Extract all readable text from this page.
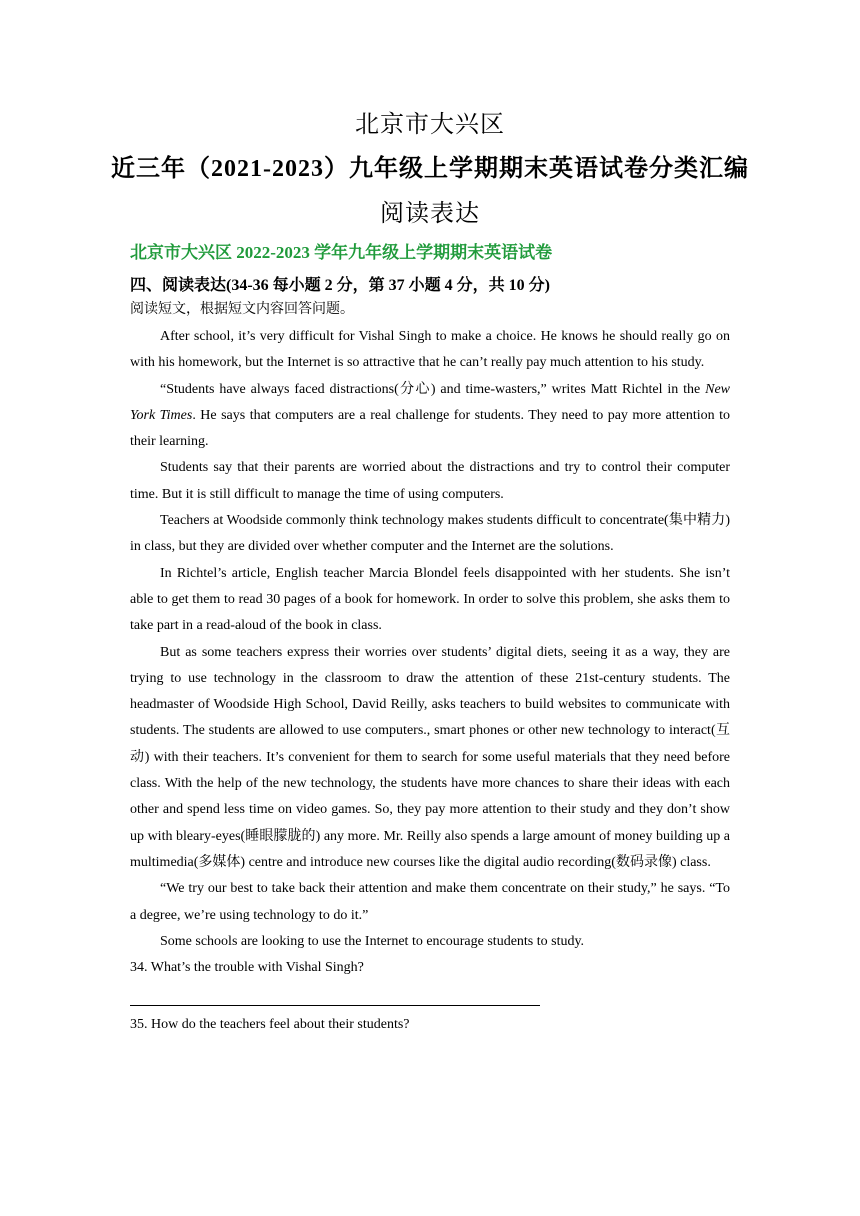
北京市大兴区
近三年（2021-2023）九年级上学期期末英语试卷分类汇编
阅读表达
北京市大兴区 2022-2023 学年九年级上学期期末英语试卷
四、阅读表达(34-36 每小题 2 分，第 37 小题 4 分，共 10 分)
阅读短文，根据短文内容回答问题。

After school, it’s very difficult for Vishal Singh to make a choice. He knows he should really go on with his homework, but the Internet is so attractive that he can’t really pay much attention to his study.

“Students have always faced distractions(分心) and time-wasters,” writes Matt Richtel in the New York Times. He says that computers are a real challenge for students. They need to pay more attention to their learning.

Students say that their parents are worried about the distractions and try to control their computer time. But it is still difficult to manage the time of using computers.

Teachers at Woodside commonly think technology makes students difficult to concentrate(集中精力) in class, but they are divided over whether computer and the Internet are the solutions.

In Richtel’s article, English teacher Marcia Blondel feels disappointed with her students. She isn’t able to get them to read 30 pages of a book for homework. In order to solve this problem, she asks them to take part in a read-aloud of the book in class.

But as some teachers express their worries over students’ digital diets, seeing it as a way, they are trying to use technology in the classroom to draw the attention of these 21st-century students. The headmaster of Woodside High School, David Reilly, asks teachers to build websites to communicate with students. The students are allowed to use computers., smart phones or other new technology to interact(互动) with their teachers. It’s convenient for them to search for some useful materials that they need before class. With the help of the new technology, the students have more chances to share their ideas with each other and spend less time on video games. So, they pay more attention to their study and they don’t show up with bleary-eyes(睡眼朦胧的) any more. Mr. Reilly also spends a large amount of money building up a multimedia(多媒体) centre and introduce new courses like the digital audio recording(数码录像) class.

“We try our best to take back their attention and make them concentrate on their study,” he says. “To a degree, we’re using technology to do it.”

Some schools are looking to use the Internet to encourage students to study.

34. What’s the trouble with Vishal Singh?

35. How do the teachers feel about their students?
